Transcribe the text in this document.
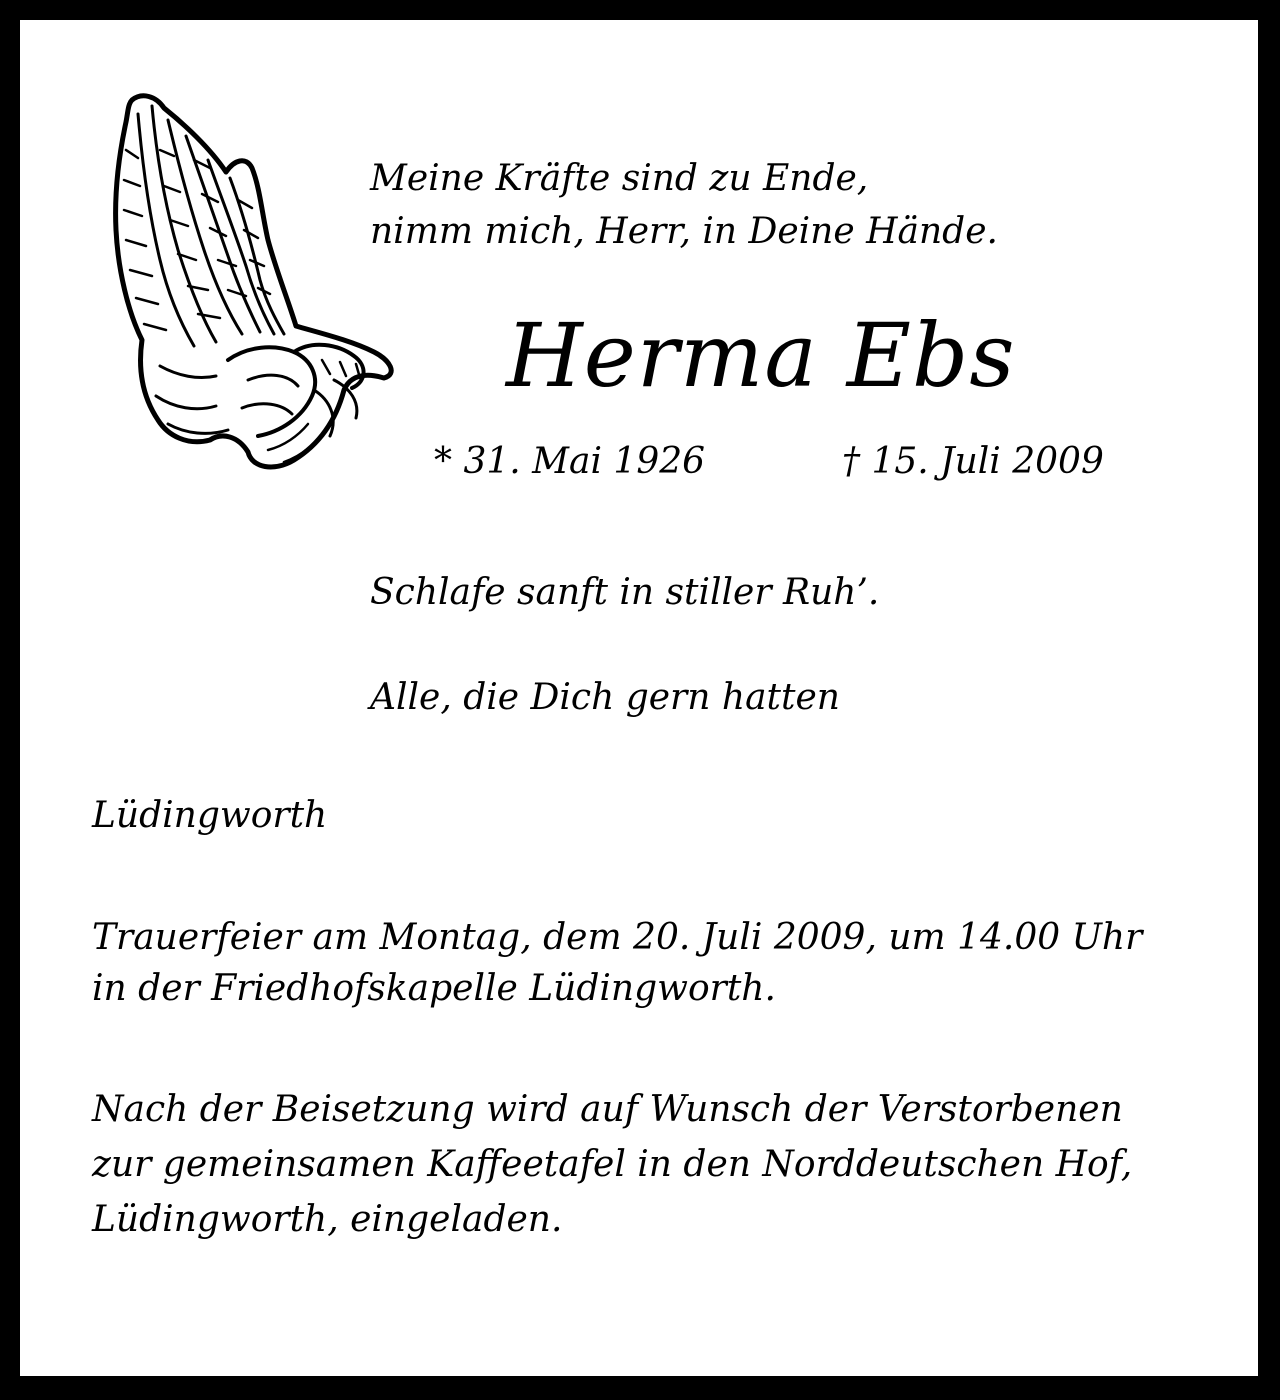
Meine Kräfte sind zu Ende,
nimm mich, Herr, in Deine Hände.
Herma Ebs
* 31. Mai 1926	† 15. Juli 2009
Schlafe sanft in stiller Ruh’.
Alle, die Dich gern hatten
Lüdingworth
Trauerfeier am Montag, dem 20. Juli 2009, um 14.00 Uhr
in der Friedhofskapelle Lüdingworth.
Nach der Beisetzung wird auf Wunsch der Verstorbenen
zur gemeinsamen Kaffeetafel in den Norddeutschen Hof,
Lüdingworth, eingeladen.
